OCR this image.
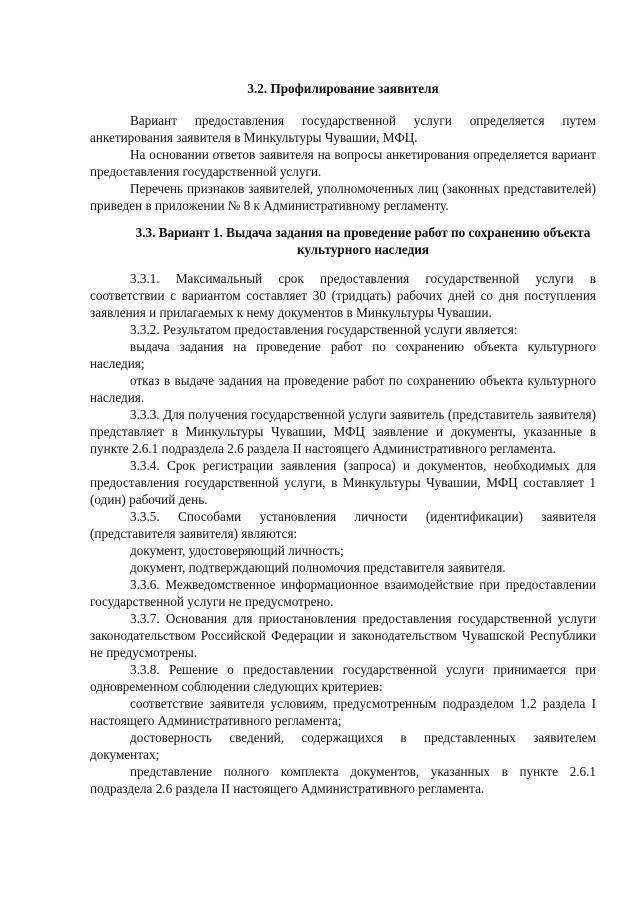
3.2. Профилирование заявителя

Вариант предоставления государственной услуги определяется путем анкетирования заявителя в Минкультуры Чувашии, МФЦ.

На основании ответов заявителя на вопросы анкетирования определяется вариант предоставления государственной услуги.

Перечень признаков заявителей, уполномоченных лиц (законных представителей) приведен в приложении № 8 к Административному регламенту.

3.3. Вариант 1. Выдача задания на проведение работ по сохранению объекта культурного наследия

3.3.1. Максимальный срок предоставления государственной услуги в соответствии с вариантом составляет 30 (тридцать) рабочих дней со дня поступления заявления и прилагаемых к нему документов в Минкультуры Чувашии.

3.3.2. Результатом предоставления государственной услуги является:

выдача задания на проведение работ по сохранению объекта культурного наследия;

отказ в выдаче задания на проведение работ по сохранению объекта культурного наследия.

3.3.3. Для получения государственной услуги заявитель (представитель заявителя) представляет в Минкультуры Чувашии, МФЦ заявление и документы, указанные в пункте 2.6.1 подраздела 2.6 раздела II настоящего Административного регламента.

3.3.4. Срок регистрации заявления (запроса) и документов, необходимых для предоставления государственной услуги, в Минкультуры Чувашии, МФЦ составляет 1 (один) рабочий день.

3.3.5. Способами установления личности (идентификации) заявителя (представителя заявителя) являются:

документ, удостоверяющий личность;

документ, подтверждающий полномочия представителя заявителя.

3.3.6. Межведомственное информационное взаимодействие при предоставлении государственной услуги не предусмотрено.

3.3.7. Основания для приостановления предоставления государственной услуги законодательством Российской Федерации и законодательством Чувашской Республики не предусмотрены.

3.3.8. Решение о предоставлении государственной услуги принимается при одновременном соблюдении следующих критериев:

соответствие заявителя условиям, предусмотренным подразделом 1.2 раздела I настоящего Административного регламента;

достоверность сведений, содержащихся в представленных заявителем документах;

представление полного комплекта документов, указанных в пункте 2.6.1 подраздела 2.6 раздела II настоящего Административного регламента.
